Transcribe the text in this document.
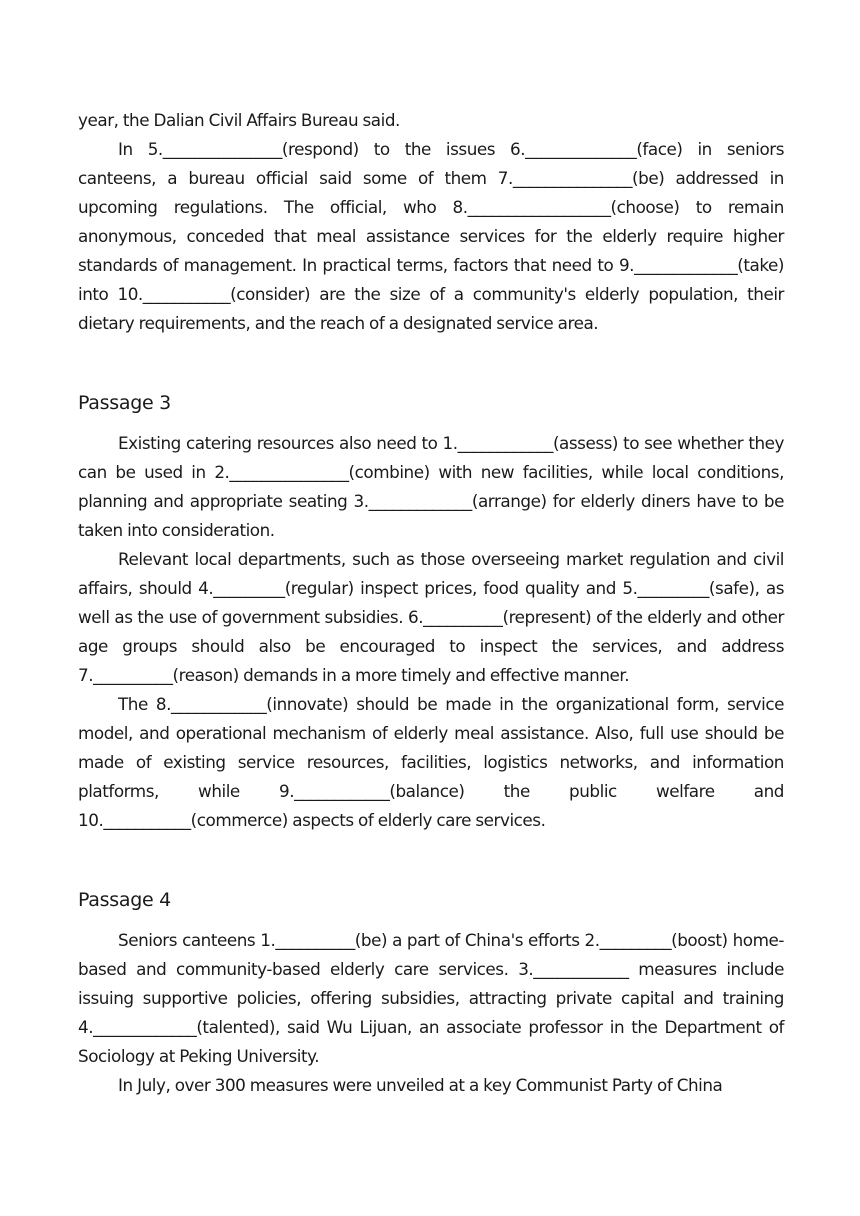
year, the Dalian Civil Affairs Bureau said.

In 5._______________(respond) to the issues 6.______________(face) in seniors canteens, a bureau official said some of them 7._______________(be) addressed in upcoming regulations. The official, who 8.__________________(choose) to remain anonymous, conceded that meal assistance services for the elderly require higher standards of management. In practical terms, factors that need to 9._____________(take) into 10.___________(consider) are the size of a community's elderly population, their dietary requirements, and the reach of a designated service area.

Passage 3

Existing catering resources also need to 1.____________(assess) to see whether they can be used in 2._______________(combine) with new facilities, while local conditions, planning and appropriate seating 3._____________(arrange) for elderly diners have to be taken into consideration.

Relevant local departments, such as those overseeing market regulation and civil affairs, should 4._________(regular) inspect prices, food quality and 5._________(safe), as well as the use of government subsidies. 6.__________(represent) of the elderly and other age groups should also be encouraged to inspect the services, and address 7.__________(reason) demands in a more timely and effective manner.

The 8.____________(innovate) should be made in the organizational form, service model, and operational mechanism of elderly meal assistance. Also, full use should be made of existing service resources, facilities, logistics networks, and information platforms, while 9.____________(balance) the public welfare and 10.___________(commerce) aspects of elderly care services.

Passage 4

Seniors canteens 1.__________(be) a part of China's efforts 2._________(boost) home-based and community-based elderly care services. 3.____________ measures include issuing supportive policies, offering subsidies, attracting private capital and training 4._____________(talented), said Wu Lijuan, an associate professor in the Department of Sociology at Peking University.

In July, over 300 measures were unveiled at a key Communist Party of China
